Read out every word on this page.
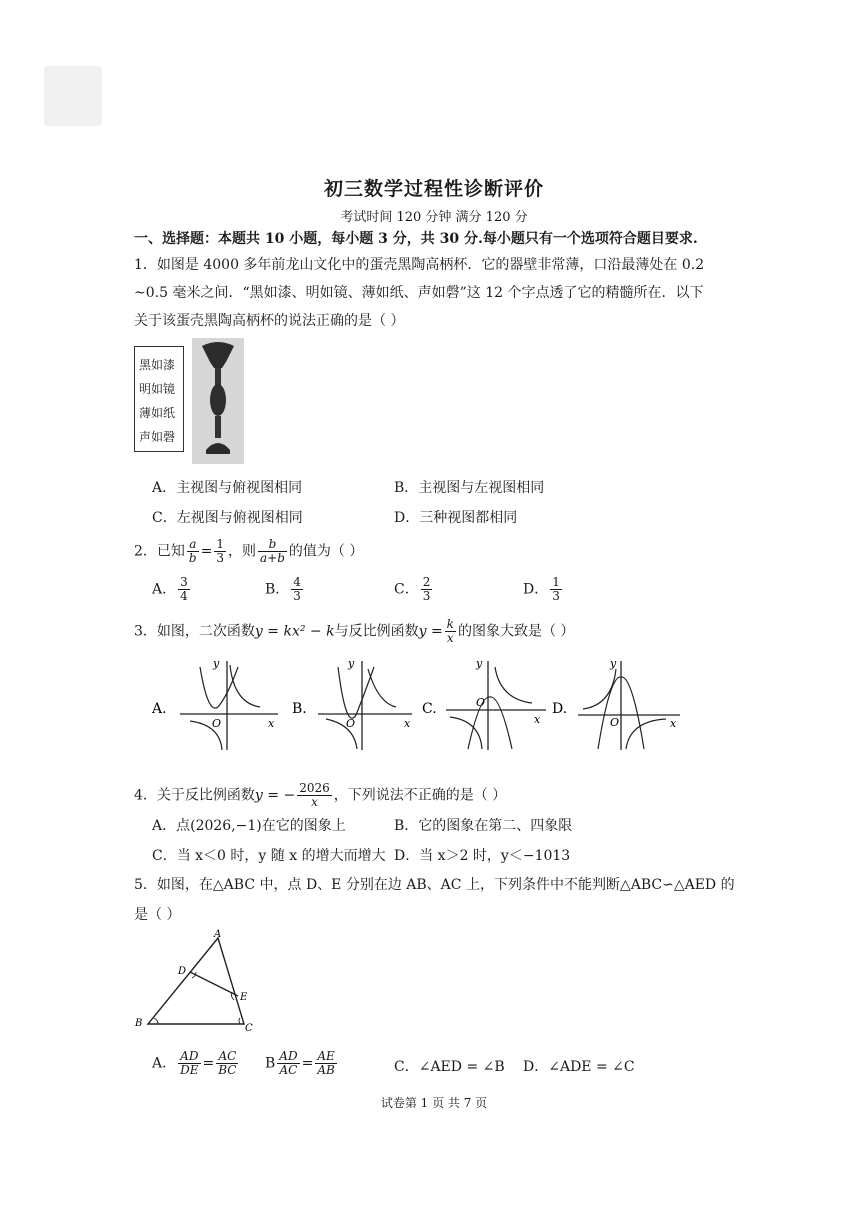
初三数学过程性诊断评价
考试时间 120 分钟 满分 120 分
一、选择题：本题共 10 小题，每小题 3 分，共 30 分.每小题只有一个选项符合题目要求.
1．如图是 4000 多年前龙山文化中的蛋壳黑陶高柄杯．它的器壁非常薄，口沿最薄处在 0.2
~0.5 毫米之间．“黑如漆、明如镜、薄如纸、声如磬”这 12 个字点透了它的精髓所在．以下
关于该蛋壳黑陶高柄杯的说法正确的是（ ）
黑如漆
明如镜
薄如纸
声如磬
A．主视图与俯视图相同	B．主视图与左视图相同
C．左视图与俯视图相同	D．三种视图都相同
2．已知 $\frac{a}{b} = \frac{1}{3}$ ，则 $\frac{b}{a+b}$ 的值为（ ）
A． $\frac{3}{4}$	B． $\frac{4}{3}$	C． $\frac{2}{3}$	D． $\frac{1}{3}$
3．如图，二次函数y = kx² − k与反比例函数$y = \frac{k}{x}$ 的图象大致是（ ）
A.
y
x
O
B.
y
x
O
C.
y
x
O	D.
y
x
O
4．关于反比例函数y = − $\frac{2026}{x}$ ，下列说法不正确的是（ ）
A．点(2026,−1)在它的图象上	B．它的图象在第二、四象限
C．当 x＜0 时，y 随 x 的增大而增大 D．当 x＞2 时，y＜−1013
5．如图，在△ABC 中，点 D、E 分别在边 AB、AC 上，下列条件中不能判断△ABC∽△AED 的
是（ ）
A
B	C
D
E
A． $\frac{AD}{DE} = \frac{AC}{BC}$ B $\frac{AD}{AC} = \frac{AE}{AB}$	C．∠AED = ∠B D．∠ADE = ∠C
试卷第 1 页 共 7 页
